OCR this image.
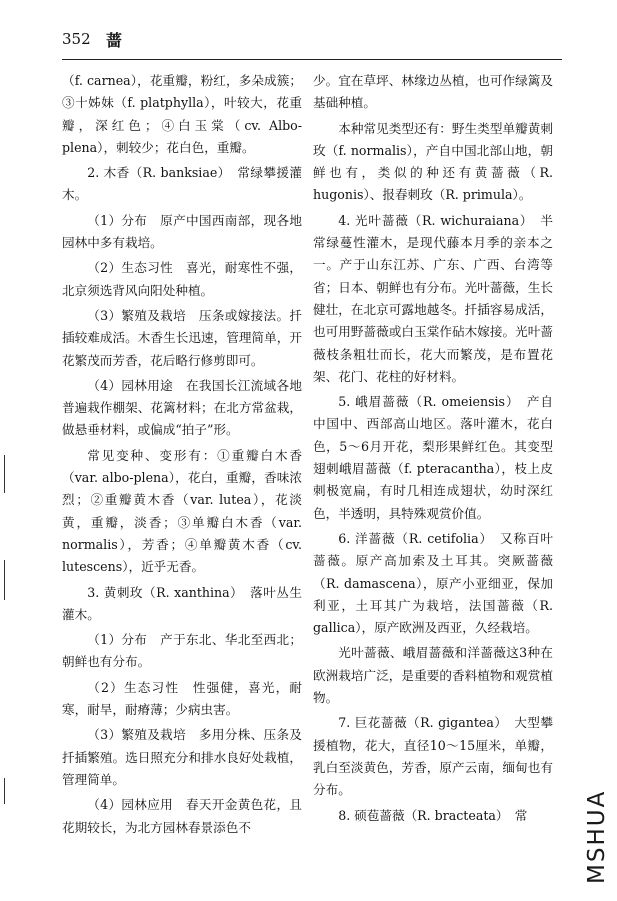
352 蔷

（f. carnea），花重瓣，粉红，多朵成簇；③十姊妹（f. platphylla），叶较大，花重瓣，深红色；④白玉棠（cv. Albo-plena），刺较少；花白色，重瓣。

2. 木香（R. banksiae）　常绿攀援灌木。

（1）分布　原产中国西南部，现各地园林中多有栽培。

（2）生态习性　喜光，耐寒性不强，北京须选背风向阳处种植。

（3）繁殖及栽培　压条或嫁接法。扦插较难成活。木香生长迅速，管理简单，开花繁茂而芳香，花后略行修剪即可。

（4）园林用途　在我国长江流域各地普遍栽作棚架、花篱材料；在北方常盆栽，做悬垂材料，或偏成“拍子”形。

常见变种、变形有：①重瓣白木香（var. albo-plena），花白，重瓣，香味浓烈；②重瓣黄木香（var. lutea），花淡黄，重瓣，淡香；③单瓣白木香（var. normalis），芳香；④单瓣黄木香（cv. lutescens），近乎无香。

3. 黄刺玫（R. xanthina）　落叶丛生灌木。

（1）分布　产于东北、华北至西北；朝鲜也有分布。

（2）生态习性　性强健，喜光，耐寒，耐旱，耐瘠薄；少病虫害。

（3）繁殖及栽培　多用分株、压条及扦插繁殖。选日照充分和排水良好处栽植，管理简单。

（4）园林应用　春天开金黄色花，且花期较长，为北方园林春景添色不

少。宜在草坪、林缘边丛植，也可作绿篱及基础种植。

本种常见类型还有：野生类型单瓣黄刺玫（f. normalis），产自中国北部山地，朝鲜也有，类似的种还有黄蔷薇（R. hugonis）、报春刺玫（R. primula）。

4. 光叶蔷薇（R. wichuraiana）　半常绿蔓性灌木，是现代藤本月季的亲本之一。产于山东江苏、广东、广西、台湾等省；日本、朝鲜也有分布。光叶蔷薇，生长健壮，在北京可露地越冬。扦插容易成活，也可用野蔷薇或白玉棠作砧木嫁接。光叶蔷薇枝条粗壮而长，花大而繁茂，是布置花架、花门、花柱的好材料。

5. 峨眉蔷薇（R. omeiensis）　产自中国中、西部高山地区。落叶灌木，花白色，5～6月开花，梨形果鲜红色。其变型翅刺峨眉蔷薇（f. pteracantha），枝上皮刺极宽扁，有时几相连成翅状，幼时深红色，半透明，具特殊观赏价值。

6. 洋蔷薇（R. cetifolia）　又称百叶蔷薇。原产高加索及土耳其。突厥蔷薇（R. damascena），原产小亚细亚，保加利亚，土耳其广为栽培，法国蔷薇（R. gallica），原产欧洲及西亚，久经栽培。

光叶蔷薇、峨眉蔷薇和洋蔷薇这3种在欧洲栽培广泛，是重要的香料植物和观赏植物。

7. 巨花蔷薇（R. gigantea）　大型攀援植物，花大，直径10～15厘米，单瓣，乳白至淡黄色，芳香，原产云南，缅甸也有分布。

8. 硕苞蔷薇（R. bracteata）　常	MSHUA
